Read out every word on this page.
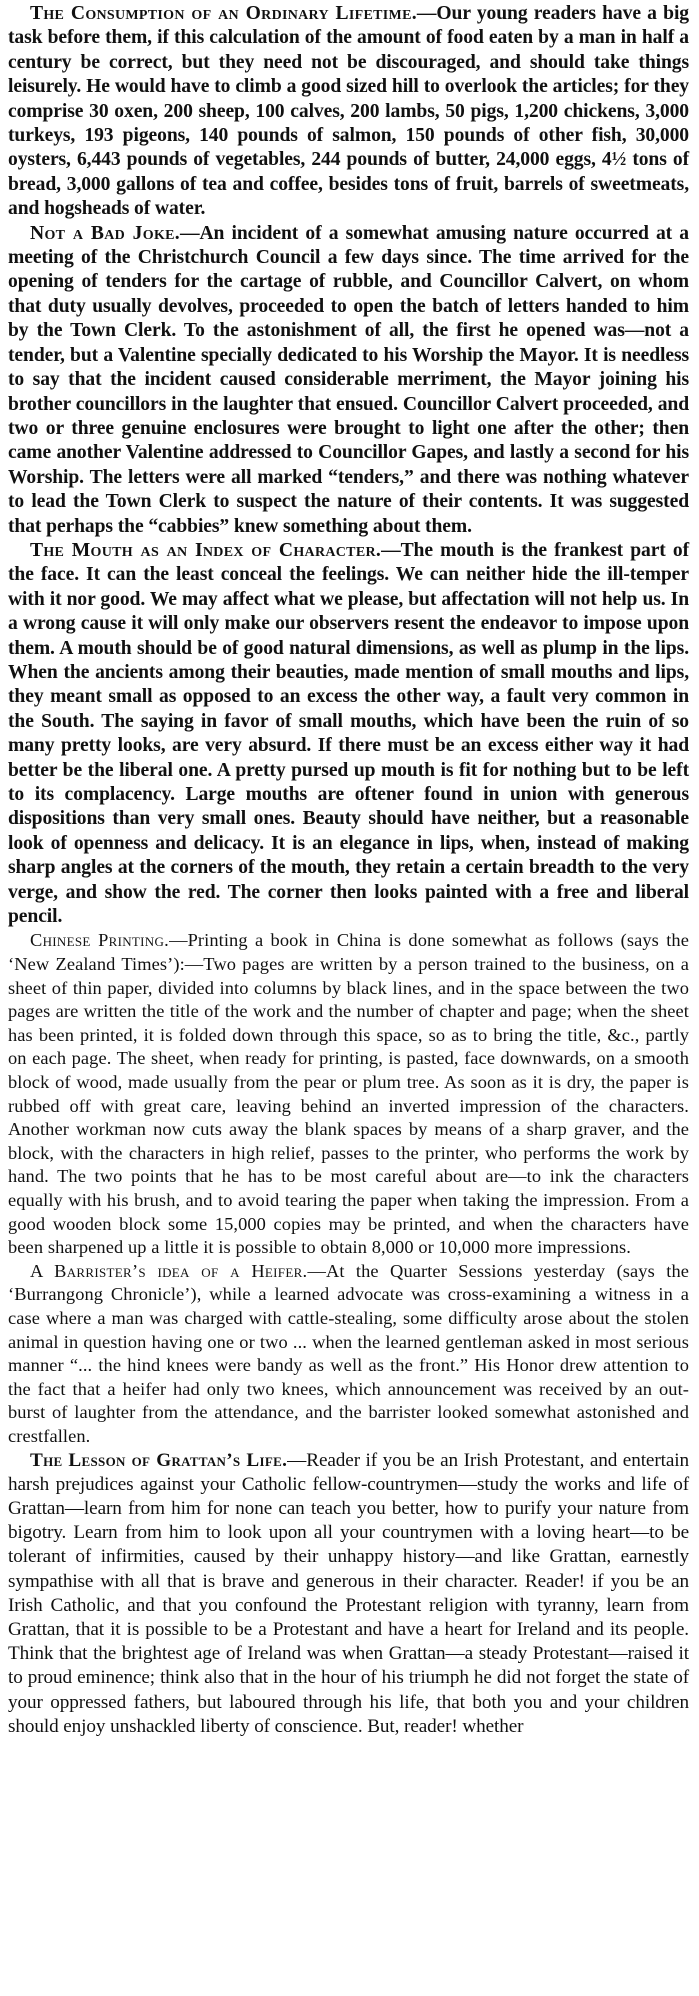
The Consumption of an Ordinary Lifetime.—Our young readers have a big task before them, if this calculation of the amount of food eaten by a man in half a century be correct, but they need not be discouraged, and should take things leisurely. He would have to climb a good sized hill to overlook the articles; for they comprise 30 oxen, 200 sheep, 100 calves, 200 lambs, 50 pigs, 1,200 chickens, 3,000 turkeys, 193 pigeons, 140 pounds of salmon, 150 pounds of other fish, 30,000 oysters, 6,443 pounds of vegetables, 244 pounds of butter, 24,000 eggs, 4½ tons of bread, 3,000 gallons of tea and coffee, besides tons of fruit, barrels of sweetmeats, and hogsheads of water.

Not a Bad Joke.—An incident of a somewhat amusing nature occurred at a meeting of the Christchurch Council a few days since. The time arrived for the opening of tenders for the cartage of rubble, and Councillor Calvert, on whom that duty usually devolves, proceeded to open the batch of letters handed to him by the Town Clerk. To the astonishment of all, the first he opened was—not a tender, but a Valentine specially dedicated to his Worship the Mayor. It is needless to say that the incident caused considerable merriment, the Mayor joining his brother councillors in the laughter that ensued. Councillor Calvert proceeded, and two or three genuine enclosures were brought to light one after the other; then came another Valentine addressed to Councillor Gapes, and lastly a second for his Worship. The letters were all marked “tenders,” and there was nothing whatever to lead the Town Clerk to suspect the nature of their contents. It was suggested that perhaps the “cabbies” knew something about them.

The Mouth as an Index of Character.—The mouth is the frankest part of the face. It can the least conceal the feelings. We can neither hide the ill-temper with it nor good. We may affect what we please, but affectation will not help us. In a wrong cause it will only make our observers resent the endeavor to impose upon them. A mouth should be of good natural dimensions, as well as plump in the lips. When the ancients among their beauties, made mention of small mouths and lips, they meant small as opposed to an excess the other way, a fault very common in the South. The saying in favor of small mouths, which have been the ruin of so many pretty looks, are very absurd. If there must be an excess either way it had better be the liberal one. A pretty pursed up mouth is fit for nothing but to be left to its complacency. Large mouths are oftener found in union with generous dispositions than very small ones. Beauty should have neither, but a reasonable look of openness and delicacy. It is an elegance in lips, when, instead of making sharp angles at the corners of the mouth, they retain a certain breadth to the very verge, and show the red. The corner then looks painted with a free and liberal pencil.

Chinese Printing.—Printing a book in China is done somewhat as follows (says the ‘New Zealand Times’):—Two pages are written by a person trained to the business, on a sheet of thin paper, divided into columns by black lines, and in the space between the two pages are written the title of the work and the number of chapter and page; when the sheet has been printed, it is folded down through this space, so as to bring the title, &c., partly on each page. The sheet, when ready for printing, is pasted, face downwards, on a smooth block of wood, made usually from the pear or plum tree. As soon as it is dry, the paper is rubbed off with great care, leaving behind an inverted impression of the characters. Another workman now cuts away the blank spaces by means of a sharp graver, and the block, with the characters in high relief, passes to the printer, who performs the work by hand. The two points that he has to be most careful about are—to ink the characters equally with his brush, and to avoid tearing the paper when taking the impression. From a good wooden block some 15,000 copies may be printed, and when the characters have been sharpened up a little it is possible to obtain 8,000 or 10,000 more impressions.

A Barrister’s idea of a Heifer.—At the Quarter Sessions yesterday (says the ‘Burrangong Chronicle’), while a learned advocate was cross-examining a witness in a case where a man was charged with cattle-stealing, some difficulty arose about the stolen animal in question having one or two ... when the learned gentleman asked in most serious manner “... the hind knees were bandy as well as the front.” His Honor drew attention to the fact that a heifer had only two knees, which announcement was received by an out-burst of laughter from the attendance, and the barrister looked somewhat astonished and crestfallen.

The Lesson of Grattan’s Life.—Reader if you be an Irish Protestant, and entertain harsh prejudices against your Catholic fellow-countrymen—study the works and life of Grattan—learn from him for none can teach you better, how to purify your nature from bigotry. Learn from him to look upon all your countrymen with a loving heart—to be tolerant of infirmities, caused by their unhappy history—and like Grattan, earnestly sympathise with all that is brave and generous in their character. Reader! if you be an Irish Catholic, and that you confound the Protestant religion with tyranny, learn from Grattan, that it is possible to be a Protestant and have a heart for Ireland and its people. Think that the brightest age of Ireland was when Grattan—a steady Protestant—raised it to proud eminence; think also that in the hour of his triumph he did not forget the state of your oppressed fathers, but laboured through his life, that both you and your children should enjoy unshackled liberty of conscience. But, reader! whether
